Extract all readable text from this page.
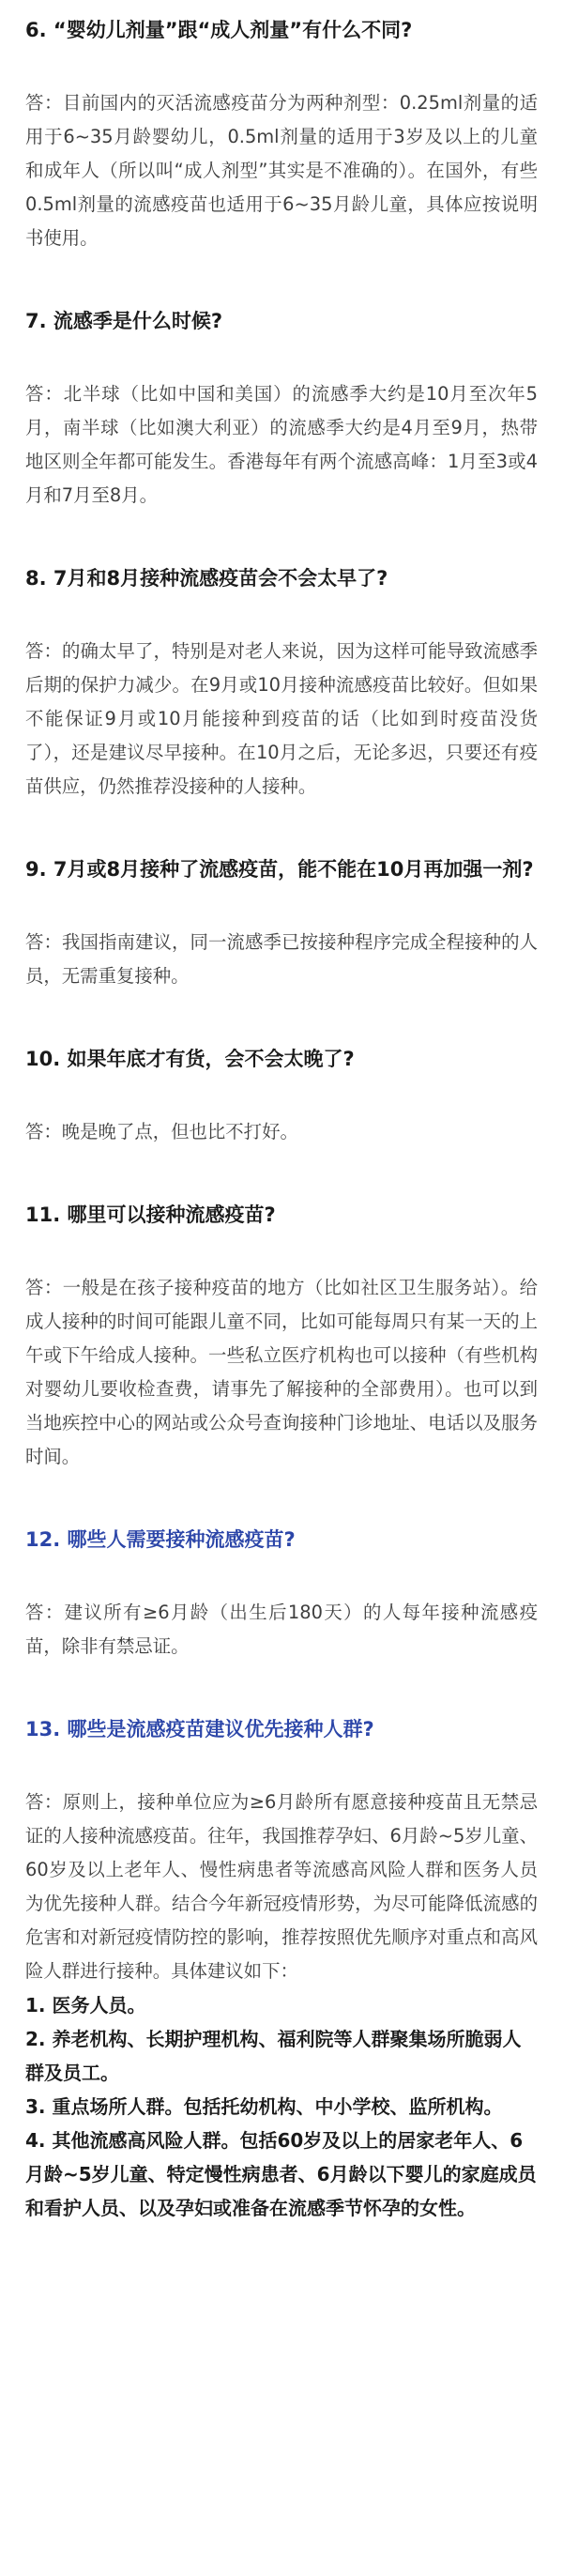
6. “婴幼儿剂量”跟“成人剂量”有什么不同?

答：目前国内的灭活流感疫苗分为两种剂型：0.25ml剂量的适用于6~35月龄婴幼儿，0.5ml剂量的适用于3岁及以上的儿童和成年人（所以叫“成人剂型”其实是不准确的）。在国外，有些0.5ml剂量的流感疫苗也适用于6~35月龄儿童，具体应按说明书使用。

7. 流感季是什么时候?

答：北半球（比如中国和美国）的流感季大约是10月至次年5月，南半球（比如澳大利亚）的流感季大约是4月至9月，热带地区则全年都可能发生。香港每年有两个流感高峰：1月至3或4月和7月至8月。

8. 7月和8月接种流感疫苗会不会太早了?

答：的确太早了，特别是对老人来说，因为这样可能导致流感季后期的保护力减少。在9月或10月接种流感疫苗比较好。但如果不能保证9月或10月能接种到疫苗的话（比如到时疫苗没货了），还是建议尽早接种。在10月之后，无论多迟，只要还有疫苗供应，仍然推荐没接种的人接种。

9. 7月或8月接种了流感疫苗，能不能在10月再加强一剂?

答：我国指南建议，同一流感季已按接种程序完成全程接种的人员，无需重复接种。

10. 如果年底才有货，会不会太晚了?

答：晚是晚了点，但也比不打好。

11. 哪里可以接种流感疫苗?

答：一般是在孩子接种疫苗的地方（比如社区卫生服务站）。给成人接种的时间可能跟儿童不同，比如可能每周只有某一天的上午或下午给成人接种。一些私立医疗机构也可以接种（有些机构对婴幼儿要收检查费，请事先了解接种的全部费用）。也可以到当地疾控中心的网站或公众号查询接种门诊地址、电话以及服务时间。

12. 哪些人需要接种流感疫苗?

答：建议所有≥6月龄（出生后180天）的人每年接种流感疫苗，除非有禁忌证。

13. 哪些是流感疫苗建议优先接种人群?

答：原则上，接种单位应为≥6月龄所有愿意接种疫苗且无禁忌证的人接种流感疫苗。往年，我国推荐孕妇、6月龄~5岁儿童、60岁及以上老年人、慢性病患者等流感高风险人群和医务人员为优先接种人群。结合今年新冠疫情形势，为尽可能降低流感的危害和对新冠疫情防控的影响，推荐按照优先顺序对重点和高风险人群进行接种。具体建议如下：

1. 医务人员。
2. 养老机构、长期护理机构、福利院等人群聚集场所脆弱人群及员工。
3. 重点场所人群。包括托幼机构、中小学校、监所机构。
4. 其他流感高风险人群。包括60岁及以上的居家老年人、6月龄~5岁儿童、特定慢性病患者、6月龄以下婴儿的家庭成员和看护人员、以及孕妇或准备在流感季节怀孕的女性。
